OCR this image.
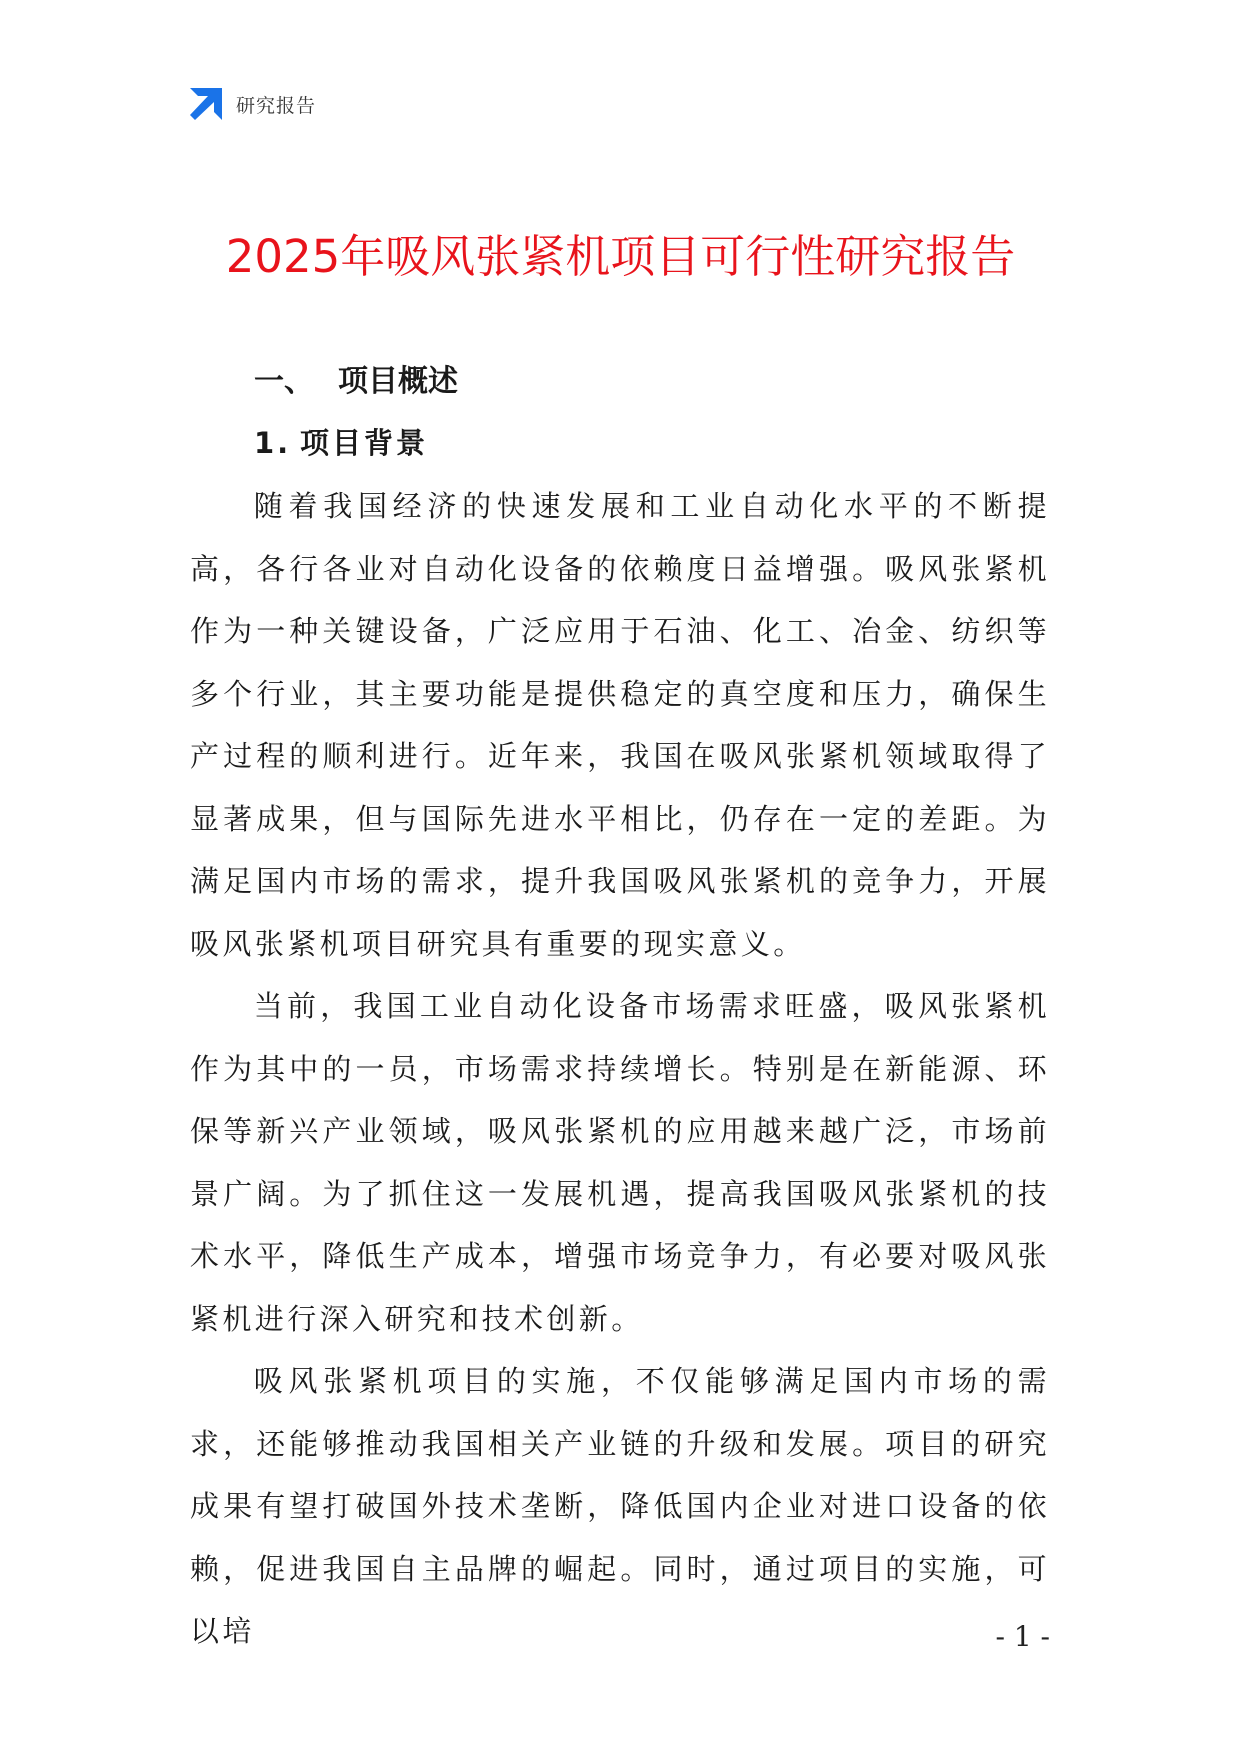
研究报告
2025年吸风张紧机项目可行性研究报告
一、 项目概述
1. 项目背景

随着我国经济的快速发展和工业自动化水平的不断提高，各行各业对自动化设备的依赖度日益增强。吸风张紧机作为一种关键设备，广泛应用于石油、化工、冶金、纺织等多个行业，其主要功能是提供稳定的真空度和压力，确保生产过程的顺利进行。近年来，我国在吸风张紧机领域取得了显著成果，但与国际先进水平相比，仍存在一定的差距。为满足国内市场的需求，提升我国吸风张紧机的竞争力，开展吸风张紧机项目研究具有重要的现实意义。

当前，我国工业自动化设备市场需求旺盛，吸风张紧机作为其中的一员，市场需求持续增长。特别是在新能源、环保等新兴产业领域，吸风张紧机的应用越来越广泛，市场前景广阔。为了抓住这一发展机遇，提高我国吸风张紧机的技术水平，降低生产成本，增强市场竞争力，有必要对吸风张紧机进行深入研究和技术创新。

吸风张紧机项目的实施，不仅能够满足国内市场的需求，还能够推动我国相关产业链的升级和发展。项目的研究成果有望打破国外技术垄断，降低国内企业对进口设备的依赖，促进我国自主品牌的崛起。同时，通过项目的实施，可以培	- 1 -
